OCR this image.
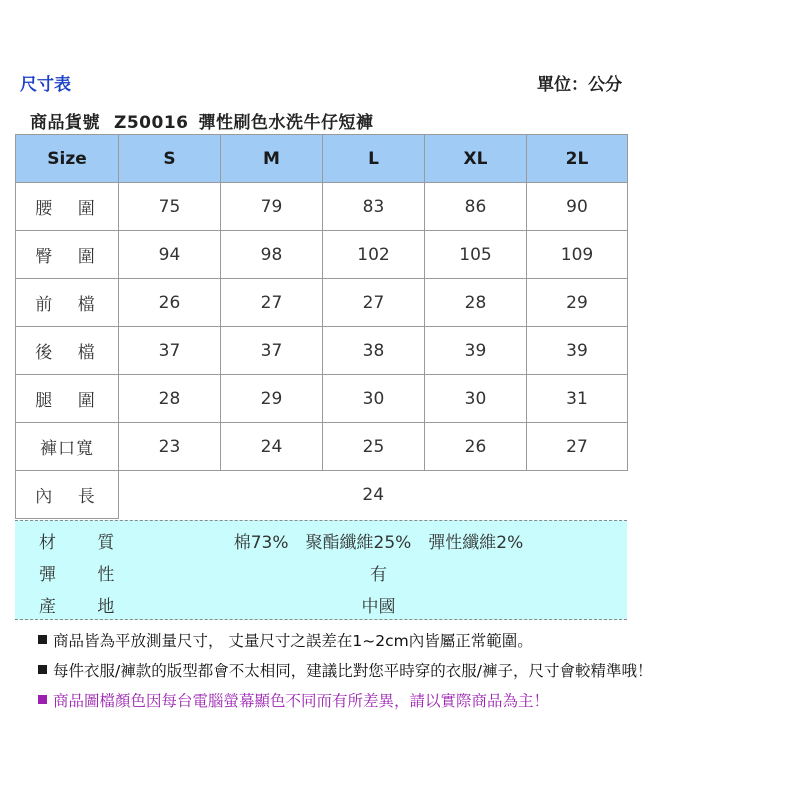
尺寸表	單位：公分
商品貨號 Z50016 彈性刷色水洗牛仔短褲
Size	S	M	L	XL	2L
腰 圍	75	79	83	86	90
臀 圍	94	98	102	105	109
前 檔	26	27	27	28	29
後 檔	37	37	38	39	39
腿 圍	28	29	30	30	31
褲口寬	23	24	25	26	27
內 長	24				
材 質	棉73%　聚酯纖維25%　彈性纖維2%
彈 性	有
產 地	中國
商品皆為平放測量尺寸， 丈量尺寸之誤差在1~2cm內皆屬正常範圍。
每件衣服/褲款的版型都會不太相同，建議比對您平時穿的衣服/褲子，尺寸會較精準哦！
商品圖檔顏色因每台電腦螢幕顯色不同而有所差異，請以實際商品為主！
